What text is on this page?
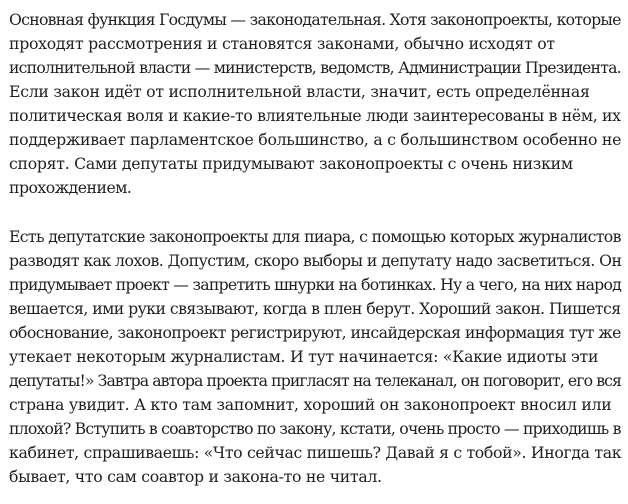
Основная функция Госдумы — законодательная. Хотя законопроекты, которые
проходят рассмотрения и становятся законами, обычно исходят от
исполнительной власти — министерств, ведомств, Администрации Президента.
Если закон идёт от исполнительной власти, значит, есть определённая
политическая воля и какие-то влиятельные люди заинтересованы в нём, их
поддерживает парламентское большинство, а с большинством особенно не
спорят. Сами депутаты придумывают законопроекты с очень низким
прохождением.

Есть депутатские законопроекты для пиара, с помощью которых журналистов
разводят как лохов. Допустим, скоро выборы и депутату надо засветиться. Он
придумывает проект — запретить шнурки на ботинках. Ну а чего, на них народ
вешается, ими руки связывают, когда в плен берут. Хороший закон. Пишется
обоснование, законопроект регистрируют, инсайдерская информация тут же
утекает некоторым журналистам. И тут начинается: «Какие идиоты эти
депутаты!» Завтра автора проекта пригласят на телеканал, он поговорит, его вся
страна увидит. А кто там запомнит, хороший он законопроект вносил или
плохой? Вступить в соавторство по закону, кстати, очень просто — приходишь в
кабинет, спрашиваешь: «Что сейчас пишешь? Давай я с тобой». Иногда так
бывает, что сам соавтор и закона-то не читал.
